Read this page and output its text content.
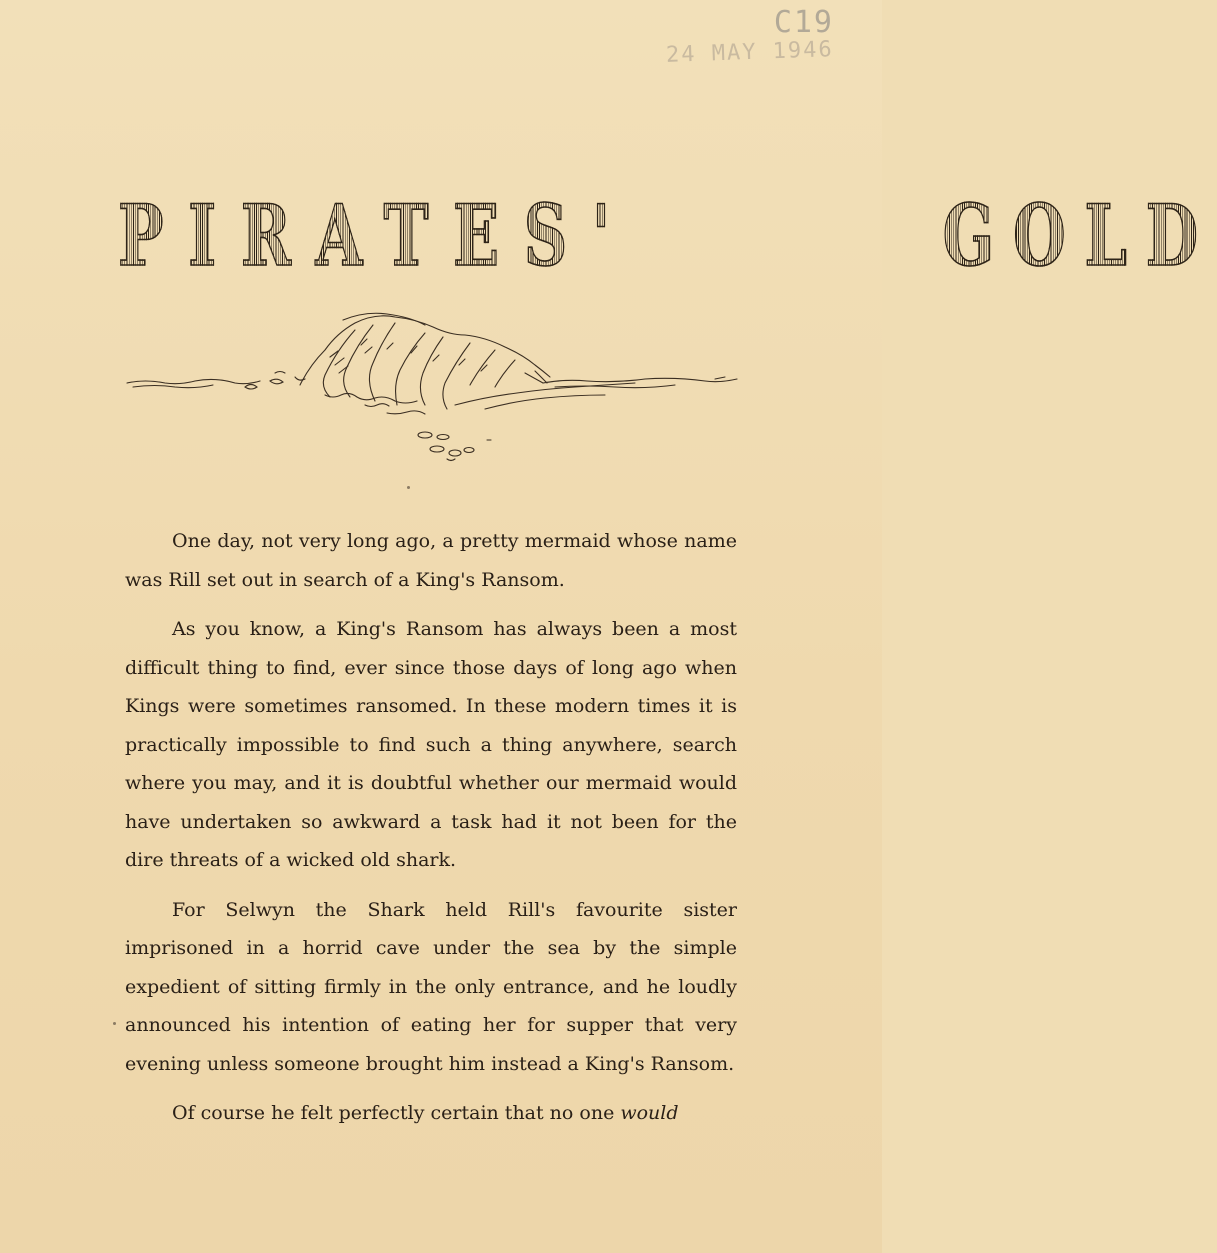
C19
24 MAY 1946
PIRATES'	GOLD

One day, not very long ago, a pretty mermaid whose name was Rill set out in search of a King's Ransom.

As you know, a King's Ransom has always been a most difficult thing to find, ever since those days of long ago when Kings were sometimes ransomed. In these modern times it is practically impossible to find such a thing anywhere, search where you may, and it is doubtful whether our mermaid would have undertaken so awkward a task had it not been for the dire threats of a wicked old shark.

For Selwyn the Shark held Rill's favourite sister imprisoned in a horrid cave under the sea by the simple expedient of sitting firmly in the only entrance, and he loudly announced his intention of eating her for supper that very evening unless someone brought him instead a King's Ransom.

Of course he felt perfectly certain that no one would
